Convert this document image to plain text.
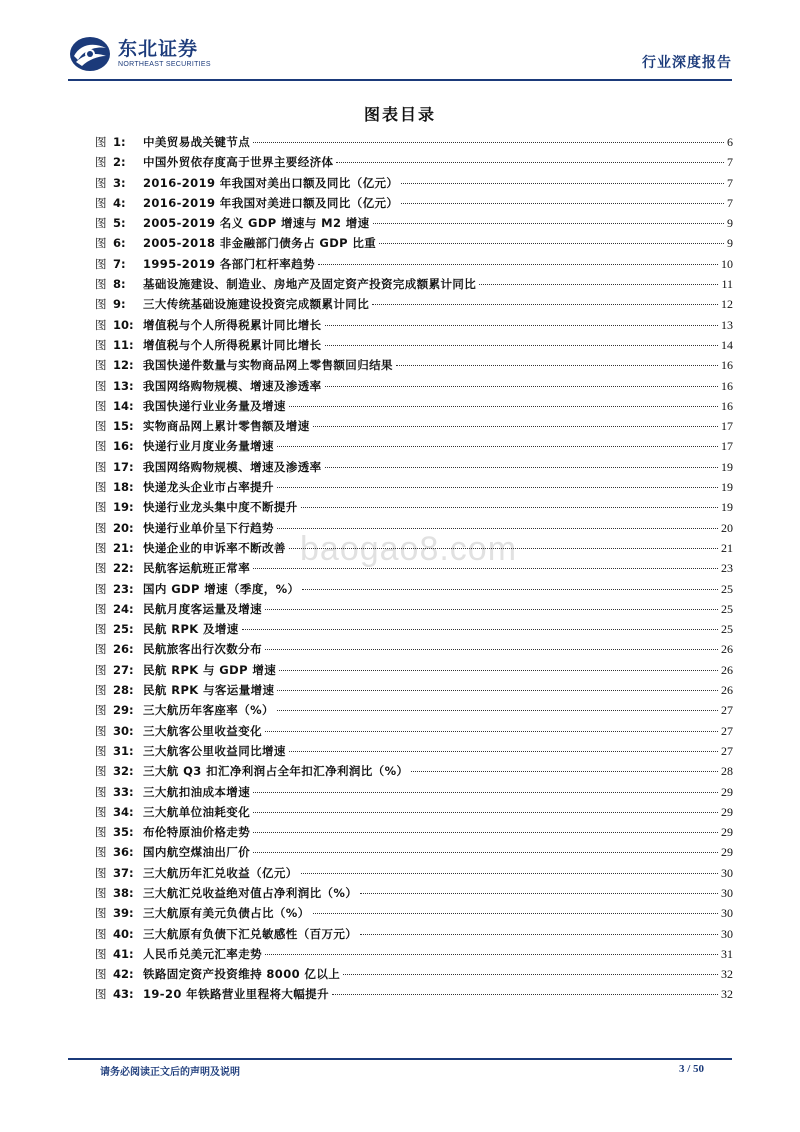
东北证券
NORTHEAST SECURITIES	行业深度报告
图表目录
baogao8.com
图 1:	中美贸易战关键节点	6
图 2:	中国外贸依存度高于世界主要经济体	7
图 3:	2016-2019 年我国对美出口额及同比（亿元）	7
图 4:	2016-2019 年我国对美进口额及同比（亿元）	7
图 5:	2005-2019 名义 GDP 增速与 M2 增速	9
图 6:	2005-2018 非金融部门债务占 GDP 比重	9
图 7:	1995-2019 各部门杠杆率趋势	10
图 8:	基础设施建设、制造业、房地产及固定资产投资完成额累计同比	11
图 9:	三大传统基础设施建设投资完成额累计同比	12
图 10: 增值税与个人所得税累计同比增长	13
图 11: 增值税与个人所得税累计同比增长	14
图 12: 我国快递件数量与实物商品网上零售额回归结果	16
图 13: 我国网络购物规模、增速及渗透率	16
图 14: 我国快递行业业务量及增速	16
图 15: 实物商品网上累计零售额及增速	17
图 16: 快递行业月度业务量增速	17
图 17: 我国网络购物规模、增速及渗透率	19
图 18: 快递龙头企业市占率提升	19
图 19: 快递行业龙头集中度不断提升	19
图 20: 快递行业单价呈下行趋势	20
图 21: 快递企业的申诉率不断改善	21
图 22: 民航客运航班正常率	23
图 23: 国内 GDP 增速（季度，%）	25
图 24: 民航月度客运量及增速	25
图 25: 民航 RPK 及增速	25
图 26: 民航旅客出行次数分布	26
图 27: 民航 RPK 与 GDP 增速	26
图 28: 民航 RPK 与客运量增速	26
图 29: 三大航历年客座率（%）	27
图 30: 三大航客公里收益变化	27
图 31: 三大航客公里收益同比增速	27
图 32: 三大航 Q3 扣汇净利润占全年扣汇净利润比（%）	28
图 33: 三大航扣油成本增速	29
图 34: 三大航单位油耗变化	29
图 35: 布伦特原油价格走势	29
图 36: 国内航空煤油出厂价	29
图 37: 三大航历年汇兑收益（亿元）	30
图 38: 三大航汇兑收益绝对值占净利润比（%）	30
图 39: 三大航原有美元负债占比（%）	30
图 40: 三大航原有负债下汇兑敏感性（百万元）	30
图 41: 人民币兑美元汇率走势	31
图 42: 铁路固定资产投资维持 8000 亿以上	32
图 43: 19-20 年铁路营业里程将大幅提升	32
请务必阅读正文后的声明及说明	3 / 50
